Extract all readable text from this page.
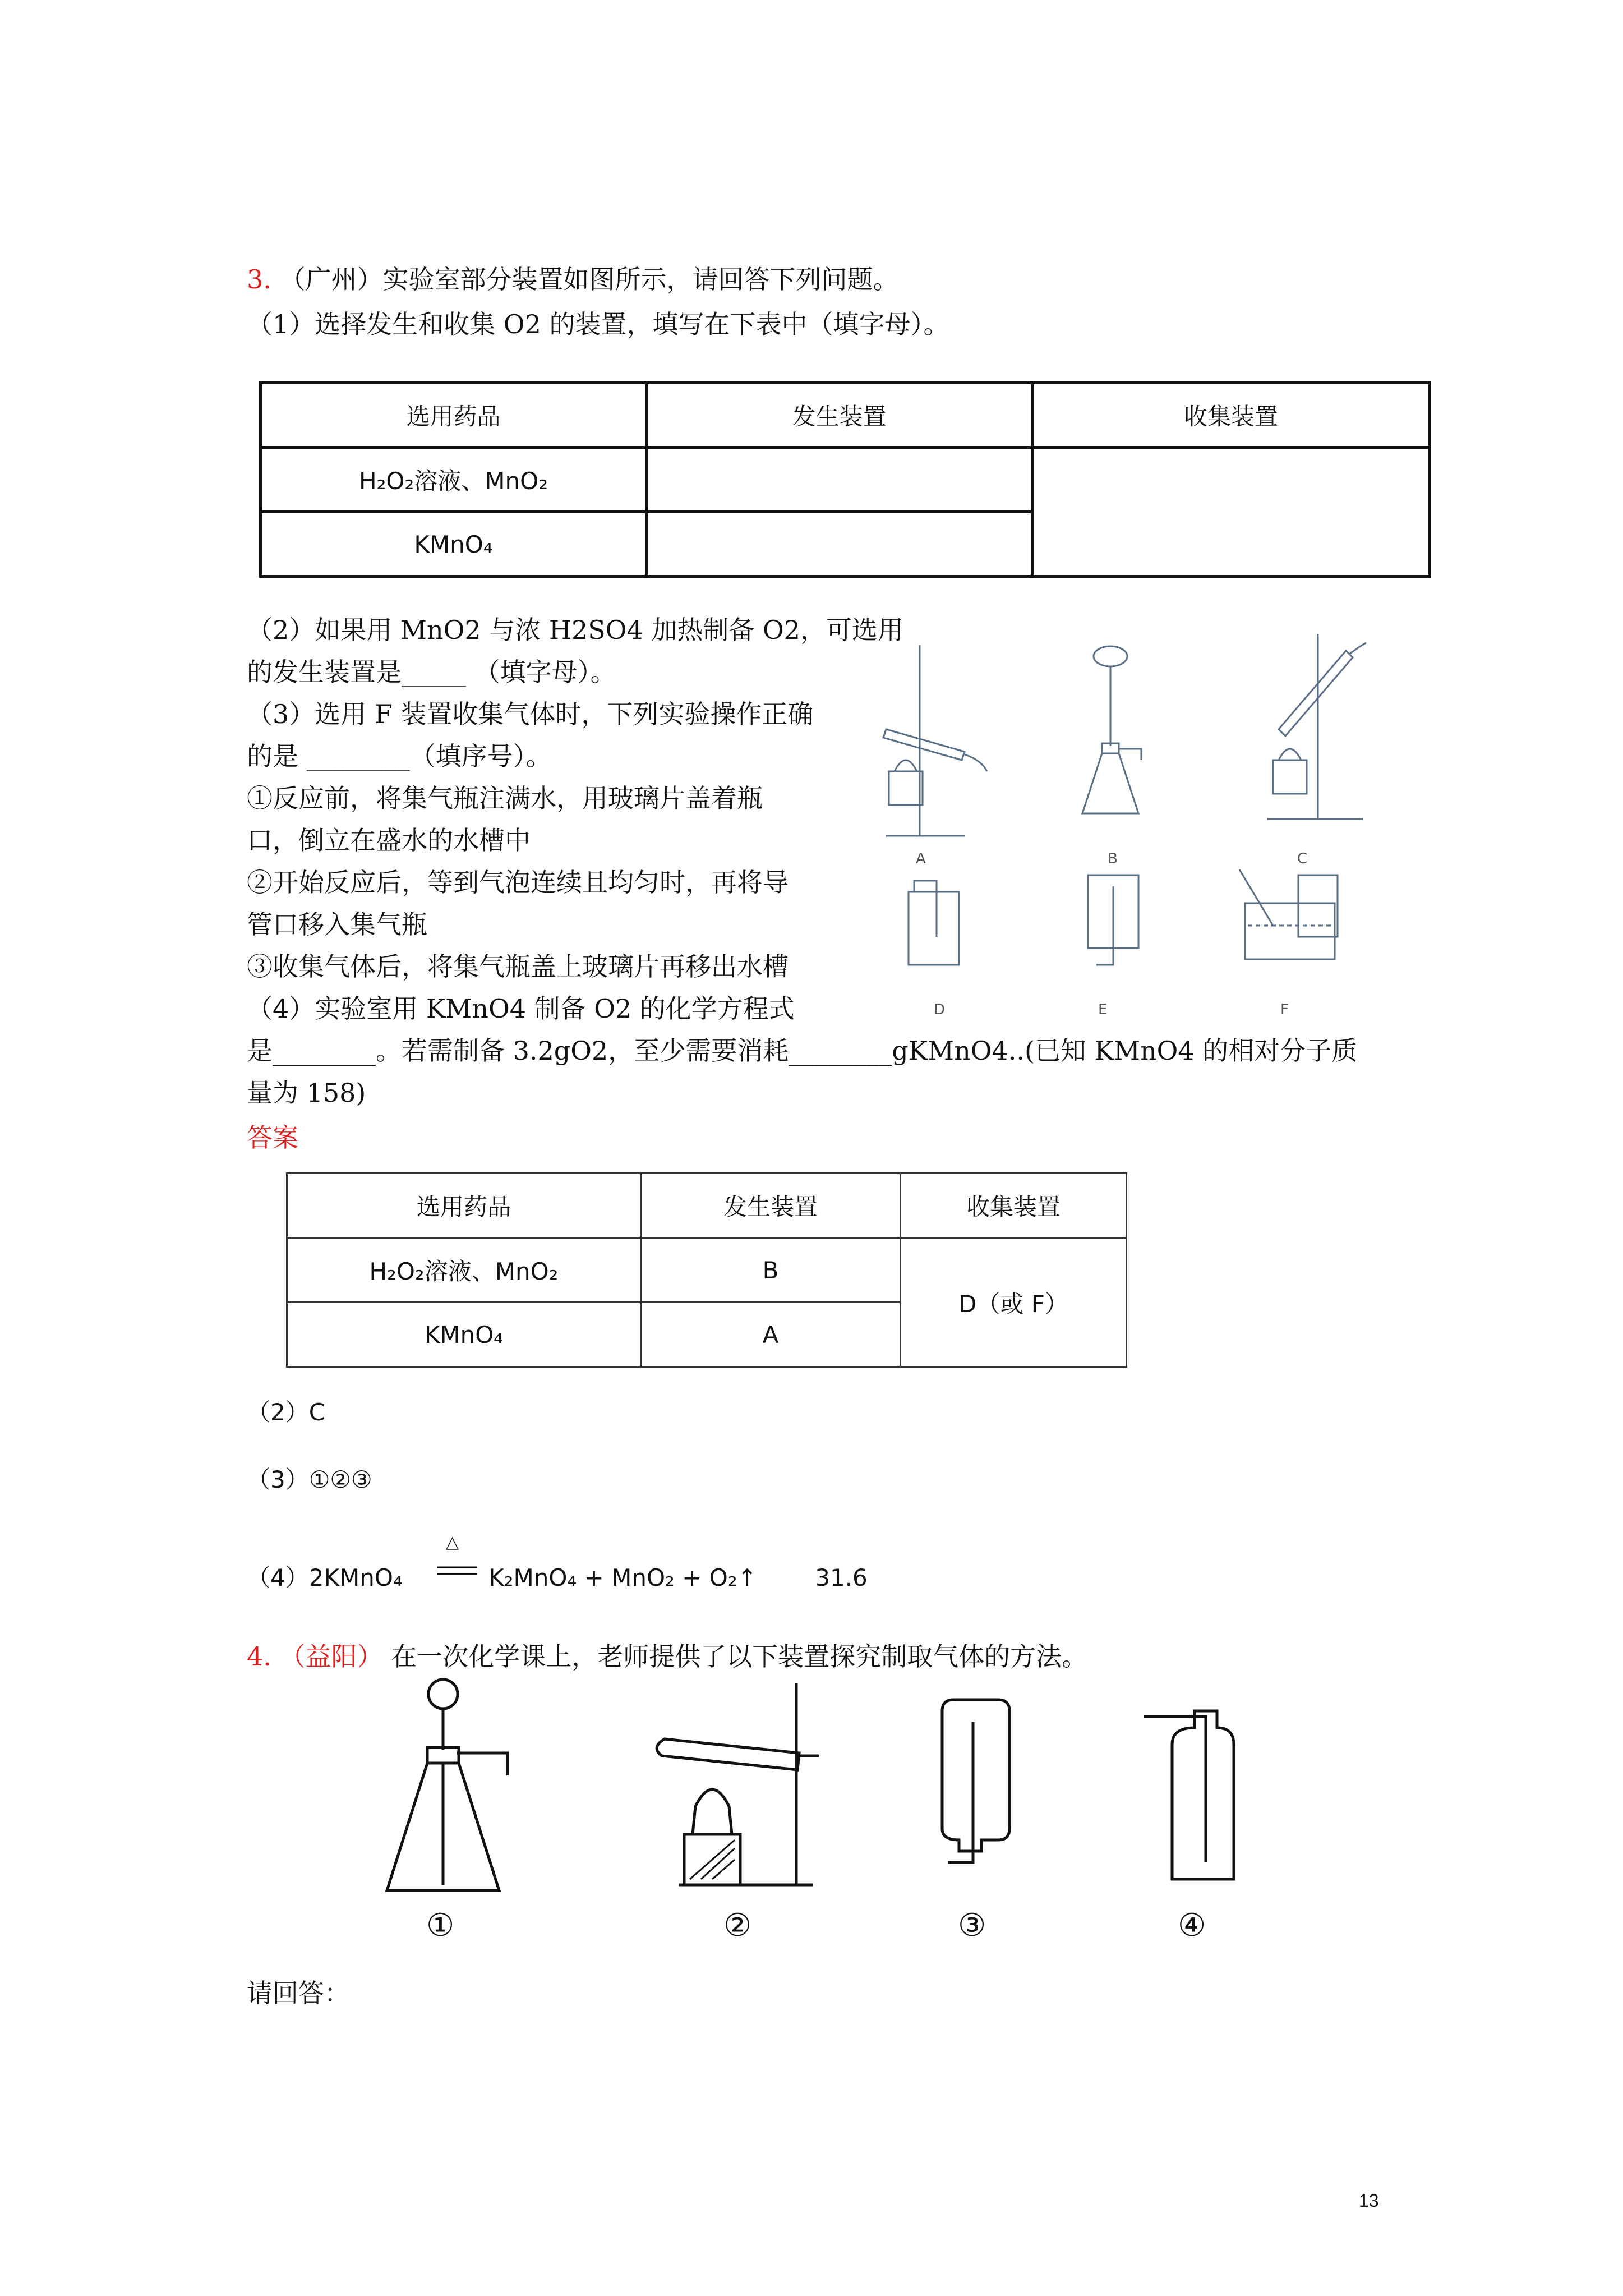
3. （广州）实验室部分装置如图所示，请回答下列问题。
（1）选择发生和收集 O2 的装置，填写在下表中（填字母）。
选用药品	发生装置	收集装置
H₂O₂溶液、MnO₂		
KMnO₄		
（2）如果用 MnO2 与浓 H2SO4 加热制备 O2，可选用
的发生装置是_____ （填字母）。
（3）选用 F 装置收集气体时，下列实验操作正确
的是 ________（填序号）。
①反应前，将集气瓶注满水，用玻璃片盖着瓶
口，倒立在盛水的水槽中
②开始反应后，等到气泡连续且均匀时，再将导
管口移入集气瓶
③收集气体后，将集气瓶盖上玻璃片再移出水槽
（4）实验室用 KMnO4 制备 O2 的化学方程式
是________。若需制备 3.2gO2，至少需要消耗________gKMnO4..(已知 KMnO4 的相对分子质
量为 158)
A	B	C
D	E	F
答案
选用药品	发生装置	收集装置
H₂O₂溶液、MnO₂	B	D（或 F）
KMnO₄	A	
（2）C
（3）①②③
（4）2KMnO₄
△
K₂MnO₄ + MnO₂ + O₂↑ 31.6
4. （益阳） 在一次化学课上，老师提供了以下装置探究制取气体的方法。
①	②	③	④
请回答：
13
